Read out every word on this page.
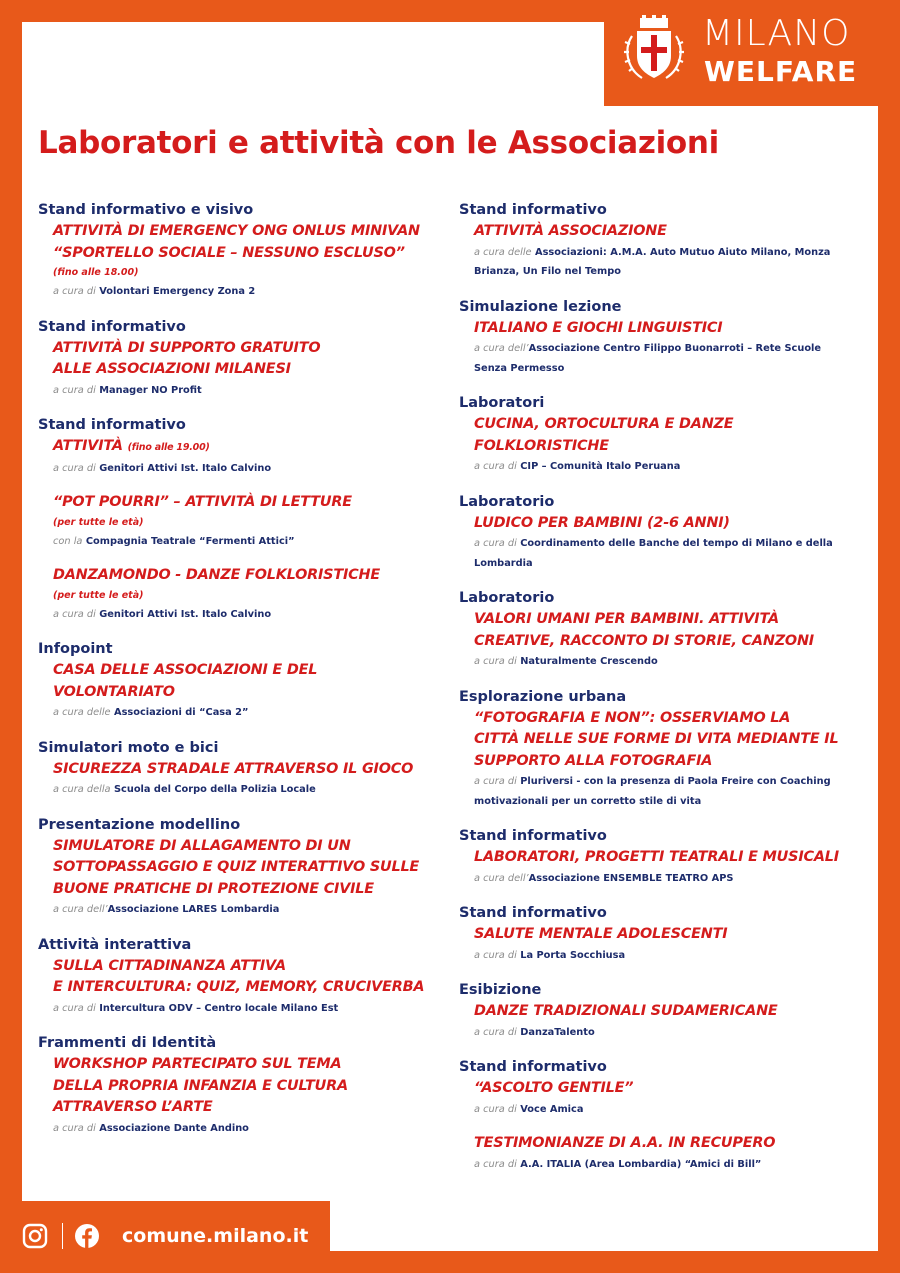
MILANO
WELFARE
Laboratori e attività con le Associazioni
Stand informativo e visivo
ATTIVITÀ DI EMERGENCY ONG ONLUS MINIVAN
“SPORTELLO SOCIALE – NESSUNO ESCLUSO”
(fino alle 18.00)
a cura di Volontari Emergency Zona 2
Stand informativo
ATTIVITÀ DI SUPPORTO GRATUITO
ALLE ASSOCIAZIONI MILANESI
a cura di Manager NO Profit
Stand informativo
ATTIVITÀ (fino alle 19.00)
a cura di Genitori Attivi Ist. Italo Calvino
“POT POURRI” – ATTIVITÀ DI LETTURE
(per tutte le età)
con la Compagnia Teatrale “Fermenti Attici”
DANZAMONDO - DANZE FOLKLORISTICHE
(per tutte le età)
a cura di Genitori Attivi Ist. Italo Calvino
Infopoint
CASA DELLE ASSOCIAZIONI E DEL
VOLONTARIATO
a cura delle Associazioni di “Casa 2”
Simulatori moto e bici
SICUREZZA STRADALE ATTRAVERSO IL GIOCO
a cura della Scuola del Corpo della Polizia Locale
Presentazione modellino
SIMULATORE DI ALLAGAMENTO DI UN
SOTTOPASSAGGIO E QUIZ INTERATTIVO SULLE
BUONE PRATICHE DI PROTEZIONE CIVILE
a cura dell’Associazione LARES Lombardia
Attività interattiva
SULLA CITTADINANZA ATTIVA
E INTERCULTURA: QUIZ, MEMORY, CRUCIVERBA
a cura di Intercultura ODV – Centro locale Milano Est
Frammenti di Identità
WORKSHOP PARTECIPATO SUL TEMA
DELLA PROPRIA INFANZIA E CULTURA
ATTRAVERSO L’ARTE
a cura di Associazione Dante Andino
Stand informativo
ATTIVITÀ ASSOCIAZIONE
a cura delle Associazioni: A.M.A. Auto Mutuo Aiuto Milano, Monza
Brianza, Un Filo nel Tempo
Simulazione lezione
ITALIANO E GIOCHI LINGUISTICI
a cura dell’Associazione Centro Filippo Buonarroti – Rete Scuole
Senza Permesso
Laboratori
CUCINA, ORTOCULTURA E DANZE
FOLKLORISTICHE
a cura di CIP – Comunità Italo Peruana
Laboratorio
LUDICO PER BAMBINI (2-6 ANNI)
a cura di Coordinamento delle Banche del tempo di Milano e della
Lombardia
Laboratorio
VALORI UMANI PER BAMBINI. ATTIVITÀ
CREATIVE, RACCONTO DI STORIE, CANZONI
a cura di Naturalmente Crescendo
Esplorazione urbana
“FOTOGRAFIA E NON”: OSSERVIAMO LA
CITTÀ NELLE SUE FORME DI VITA MEDIANTE IL
SUPPORTO ALLA FOTOGRAFIA
a cura di Pluriversi - con la presenza di Paola Freire con Coaching
motivazionali per un corretto stile di vita
Stand informativo
LABORATORI, PROGETTI TEATRALI E MUSICALI
a cura dell’Associazione ENSEMBLE TEATRO APS
Stand informativo
SALUTE MENTALE ADOLESCENTI
a cura di La Porta Socchiusa
Esibizione
DANZE TRADIZIONALI SUDAMERICANE
a cura di DanzaTalento
Stand informativo
“ASCOLTO GENTILE”
a cura di Voce Amica
TESTIMONIANZE DI A.A. IN RECUPERO
a cura di A.A. ITALIA (Area Lombardia) “Amici di Bill”
comune.milano.it
